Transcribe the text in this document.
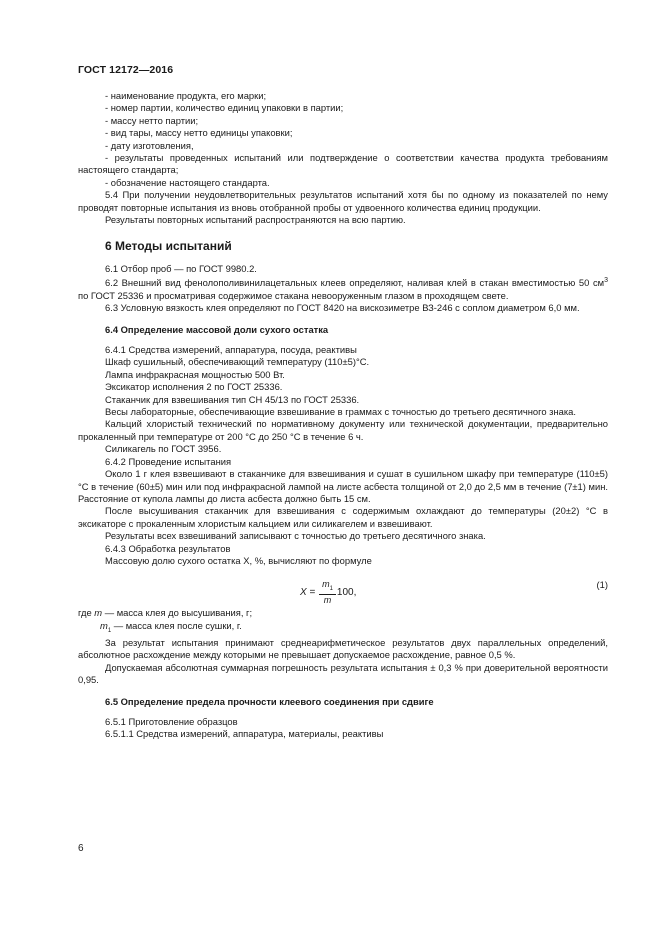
ГОСТ 12172—2016

- наименование продукта, его марки;

- номер партии, количество единиц упаковки в партии;

- массу нетто партии;

- вид тары, массу нетто единицы упаковки;

- дату изготовления,

- результаты проведенных испытаний или подтверждение о соответствии качества продукта требованиям настоящего стандарта;

- обозначение настоящего стандарта.

5.4 При получении неудовлетворительных результатов испытаний хотя бы по одному из показателей по нему проводят повторные испытания из вновь отобранной пробы от удвоенного количества единиц продукции.

Результаты повторных испытаний распространяются на всю партию.

6 Методы испытаний

6.1 Отбор проб — по ГОСТ 9980.2.

6.2 Внешний вид фенолополивинилацетальных клеев определяют, наливая клей в стакан вместимостью 50 $см^3$ по ГОСТ 25336 и просматривая содержимое стакана невооруженным глазом в проходящем свете.

6.3 Условную вязкость клея определяют по ГОСТ 8420 на вискозиметре ВЗ-246 с соплом диаметром 6,0 мм.

6.4 Определение массовой доли сухого остатка

6.4.1 Средства измерений, аппаратура, посуда, реактивы

Шкаф сушильный, обеспечивающий температуру (110±5)°С.

Лампа инфракрасная мощностью 500 Вт.

Эксикатор исполнения 2 по ГОСТ 25336.

Стаканчик для взвешивания тип СН 45/13 по ГОСТ 25336.

Весы лабораторные, обеспечивающие взвешивание в граммах с точностью до третьего десятичного знака.

Кальций хлористый технический по нормативному документу или технической документации, предварительно прокаленный при температуре от 200 °С до 250 °С в течение 6 ч.

Силикагель по ГОСТ 3956.

6.4.2 Проведение испытания

Около 1 г клея взвешивают в стаканчике для взвешивания и сушат в сушильном шкафу при температуре (110±5)°С в течение (60±5) мин или под инфракрасной лампой на листе асбеста толщиной от 2,0 до 2,5 мм в течение (7±1) мин. Расстояние от купола лампы до листа асбеста должно быть 15 см.

После высушивания стаканчик для взвешивания с содержимым охлаждают до температуры (20±2) °С в эксикаторе с прокаленным хлористым кальцием или силикагелем и взвешивают.

Результаты всех взвешиваний записывают с точностью до третьего десятичного знака.

6.4.3 Обработка результатов

Массовую долю сухого остатка X, %, вычисляют по формуле

$X = \frac{m_1}{m} 100$,
(1)

где m — масса клея до высушивания, г;

$m_1$ — масса клея после сушки, г.

За результат испытания принимают среднеарифметическое результатов двух параллельных определений, абсолютное расхождение между которыми не превышает допускаемое расхождение, равное 0,5 %.

Допускаемая абсолютная суммарная погрешность результата испытания ± 0,3 % при доверительной вероятности 0,95.

6.5 Определение предела прочности клеевого соединения при сдвиге

6.5.1 Приготовление образцов

6.5.1.1 Средства измерений, аппаратура, материалы, реактивы

6
